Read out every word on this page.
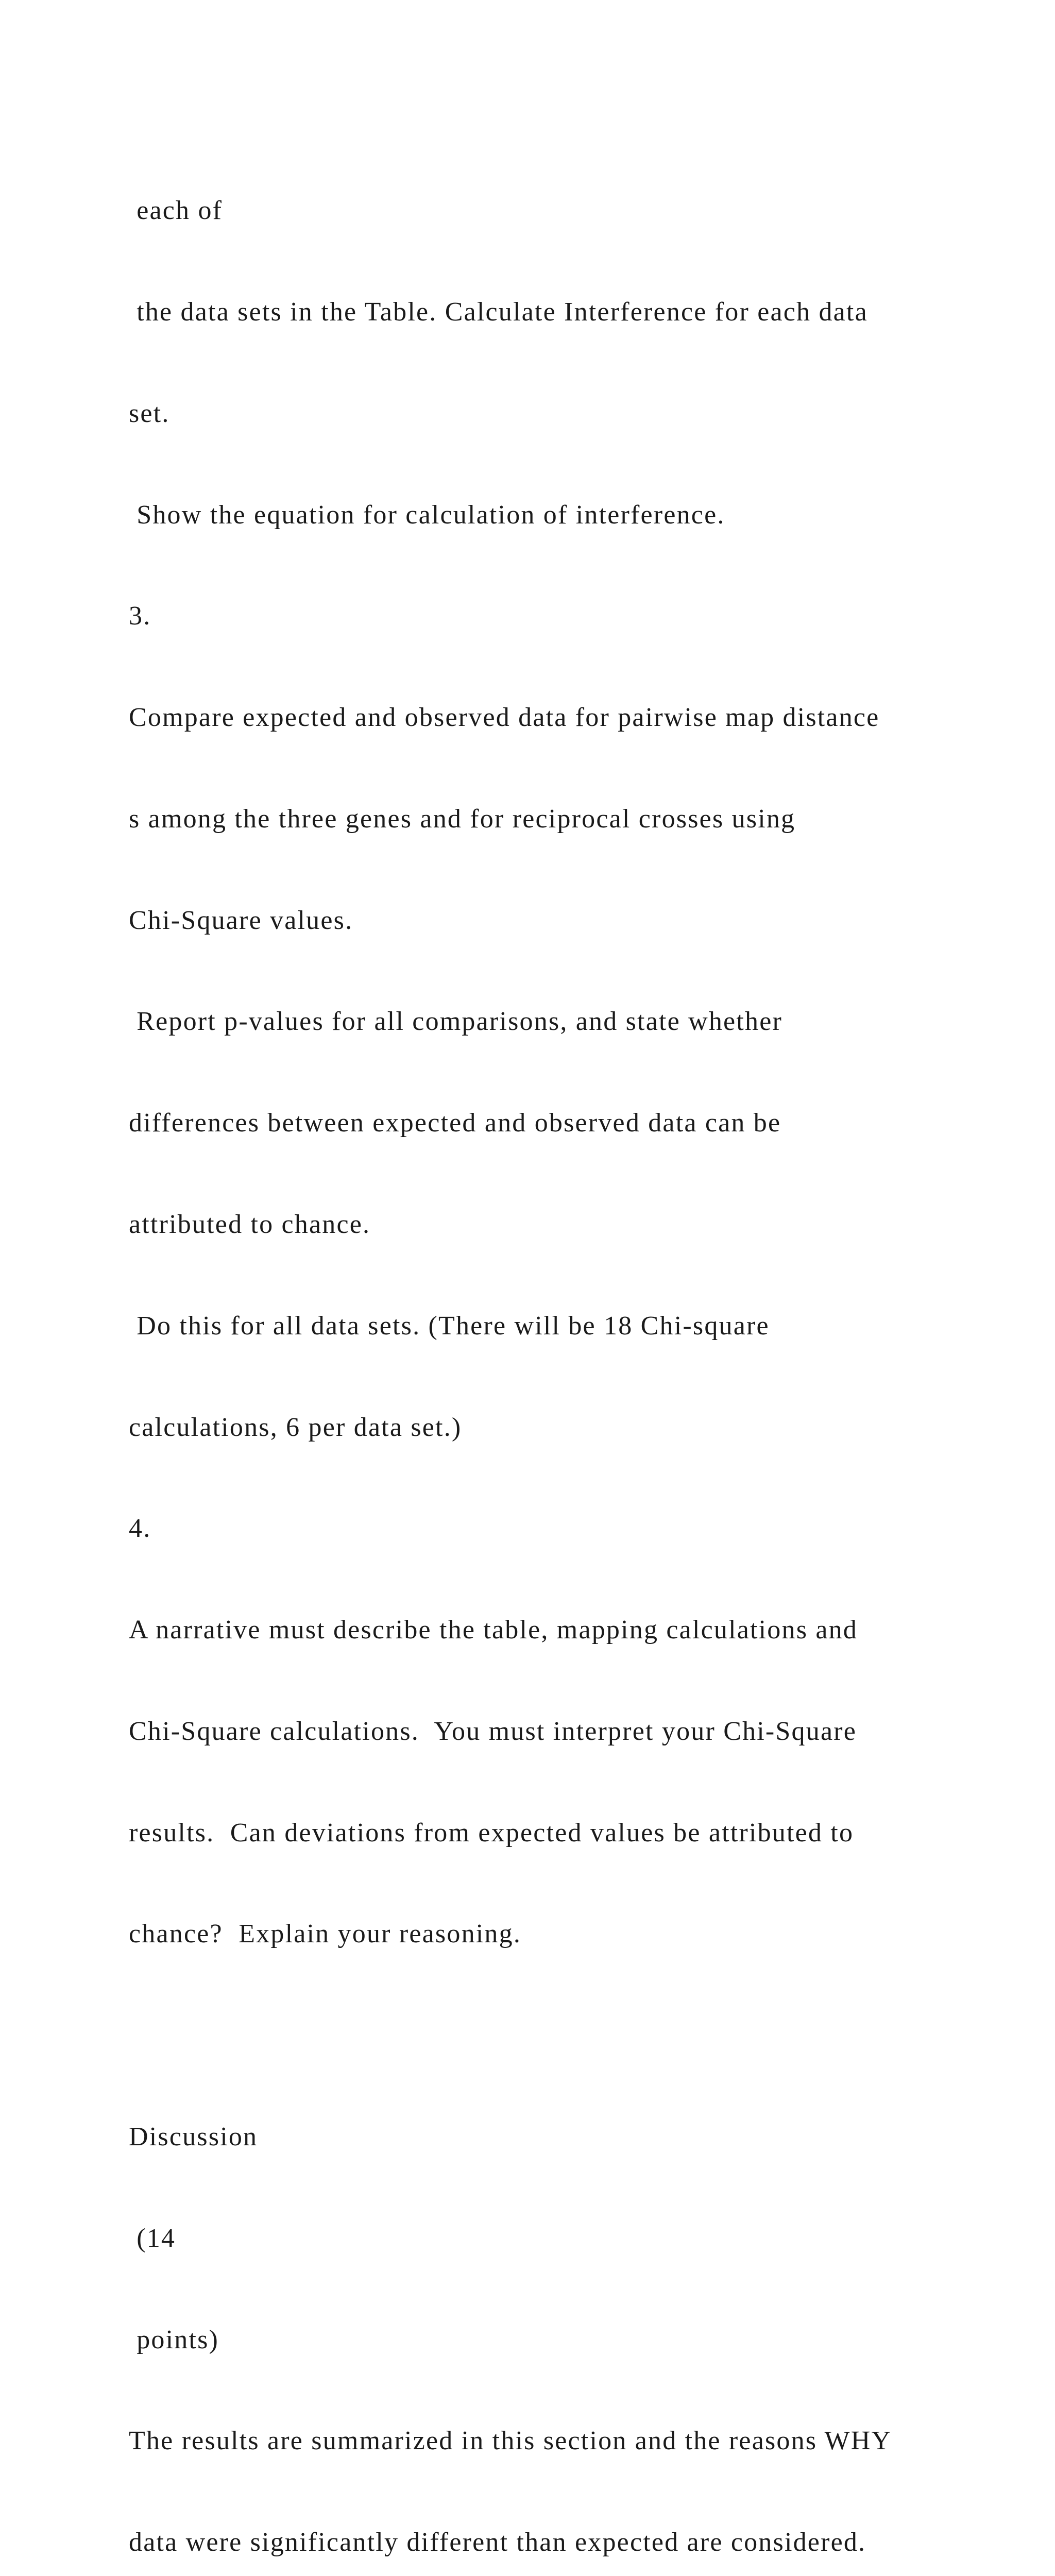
each of

the data sets in the Table. Calculate Interference for each data

set.

Show the equation for calculation of interference.

3.

Compare expected and observed data for pairwise map distance

s among the three genes and for reciprocal crosses using

Chi-Square values.

Report p-values for all comparisons, and state whether

differences between expected and observed data can be

attributed to chance.

Do this for all data sets. (There will be 18 Chi-square

calculations, 6 per data set.)

4.

A narrative must describe the table, mapping calculations and

Chi-Square calculations.  You must interpret your Chi-Square

results.  Can deviations from expected values be attributed to

chance?  Explain your reasoning.

Discussion

(14

points)

The results are summarized in this section and the reasons WHY

data were significantly different than expected are considered.
